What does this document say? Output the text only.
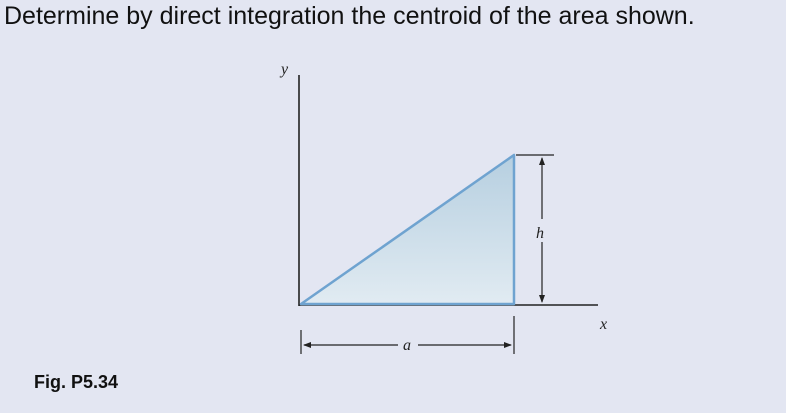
Determine by direct integration the centroid of the area shown.
y
x
h
a
Fig. P5.34
